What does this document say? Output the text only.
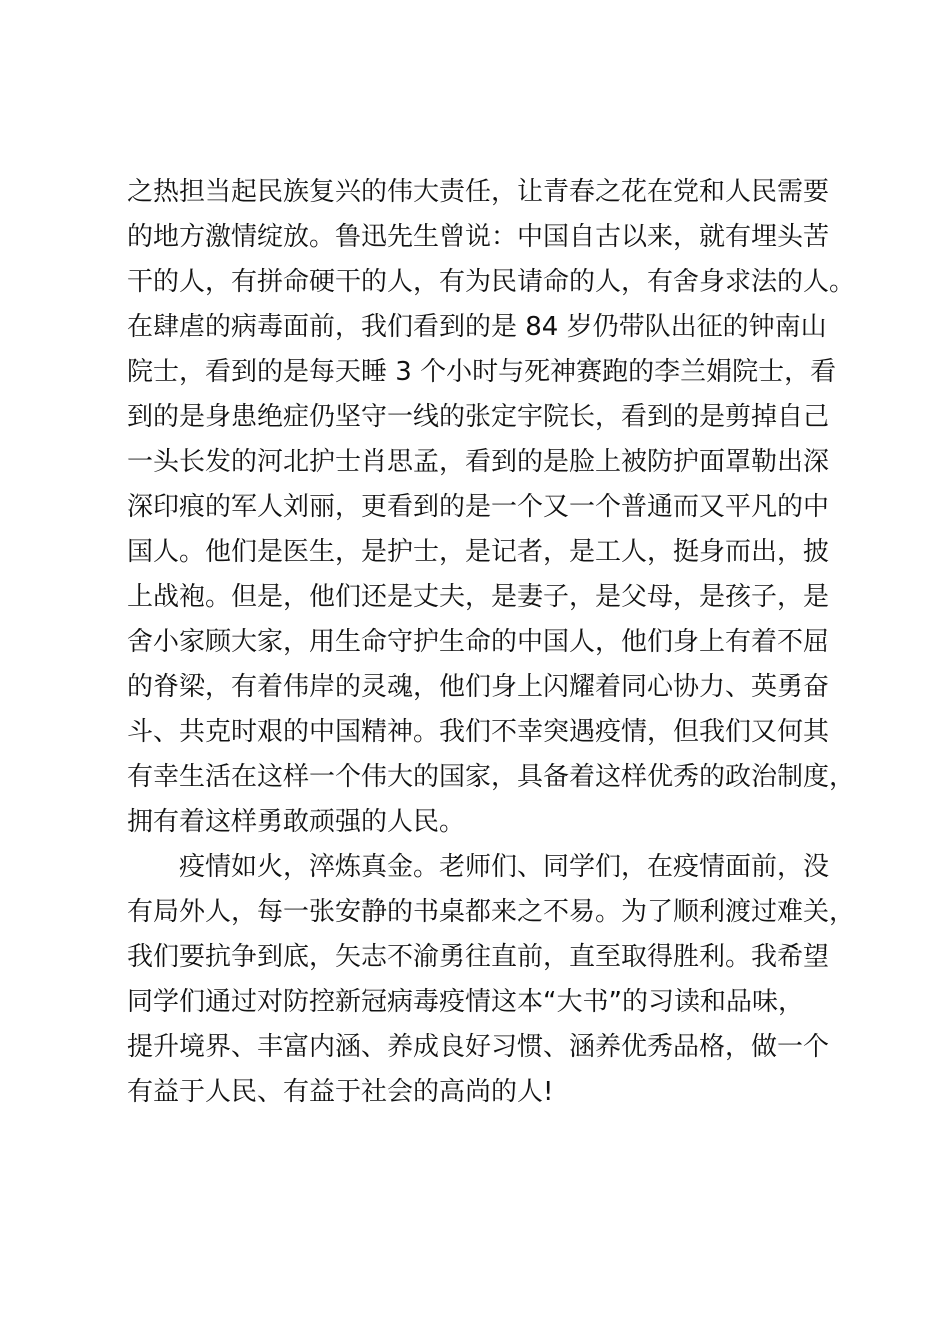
之热担当起民族复兴的伟大责任，让青春之花在党和人民需要
的地方激情绽放。鲁迅先生曾说：中国自古以来，就有埋头苦
干的人，有拼命硬干的人，有为民请命的人，有舍身求法的人。
在肆虐的病毒面前，我们看到的是 84 岁仍带队出征的钟南山
院士，看到的是每天睡 3 个小时与死神赛跑的李兰娟院士，看
到的是身患绝症仍坚守一线的张定宇院长，看到的是剪掉自己
一头长发的河北护士肖思孟，看到的是脸上被防护面罩勒出深
深印痕的军人刘丽，更看到的是一个又一个普通而又平凡的中
国人。他们是医生，是护士，是记者，是工人，挺身而出，披
上战袍。但是，他们还是丈夫，是妻子，是父母，是孩子，是
舍小家顾大家，用生命守护生命的中国人，他们身上有着不屈
的脊梁，有着伟岸的灵魂，他们身上闪耀着同心协力、英勇奋
斗、共克时艰的中国精神。我们不幸突遇疫情，但我们又何其
有幸生活在这样一个伟大的国家，具备着这样优秀的政治制度，
拥有着这样勇敢顽强的人民。
疫情如火，淬炼真金。老师们、同学们，在疫情面前，没
有局外人，每一张安静的书桌都来之不易。为了顺利渡过难关，
我们要抗争到底，矢志不渝勇往直前，直至取得胜利。我希望
同学们通过对防控新冠病毒疫情这本“大书”的习读和品味，
提升境界、丰富内涵、养成良好习惯、涵养优秀品格，做一个
有益于人民、有益于社会的高尚的人!
